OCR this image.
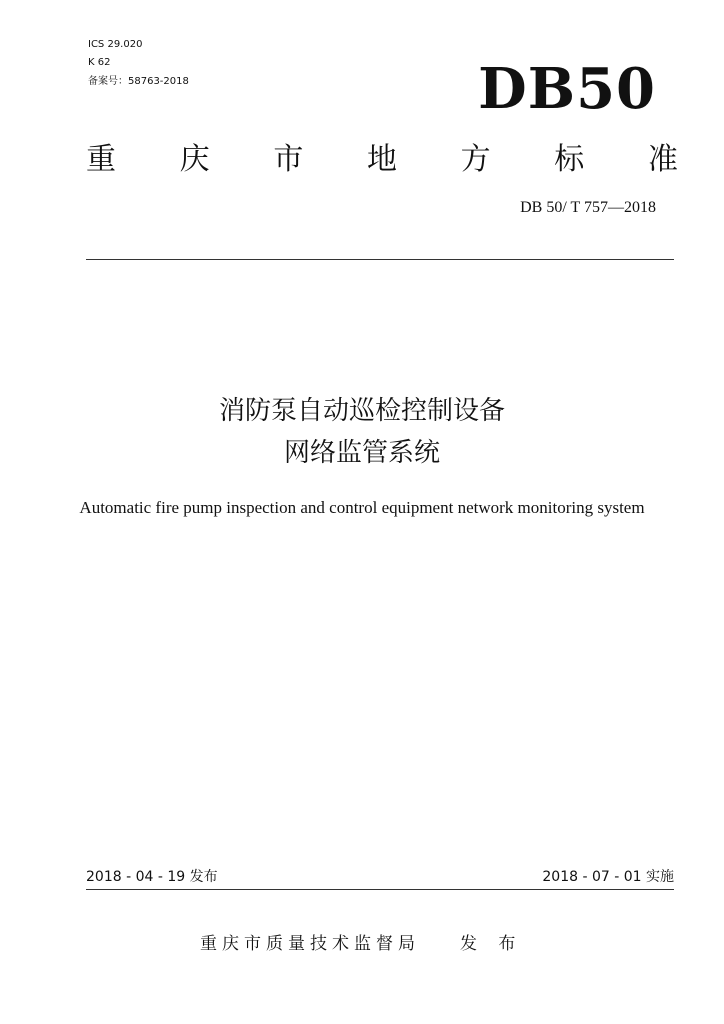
ICS 29.020
K 62
备案号：58763-2018	DB50
重 庆 市 地 方 标 准
DB 50/ T 757—2018
消防泵自动巡检控制设备
网络监管系统
Automatic fire pump inspection and control equipment network monitoring system
2018 - 04 - 19 发布	2018 - 07 - 01 实施
重庆市质量技术监督局 发 布
